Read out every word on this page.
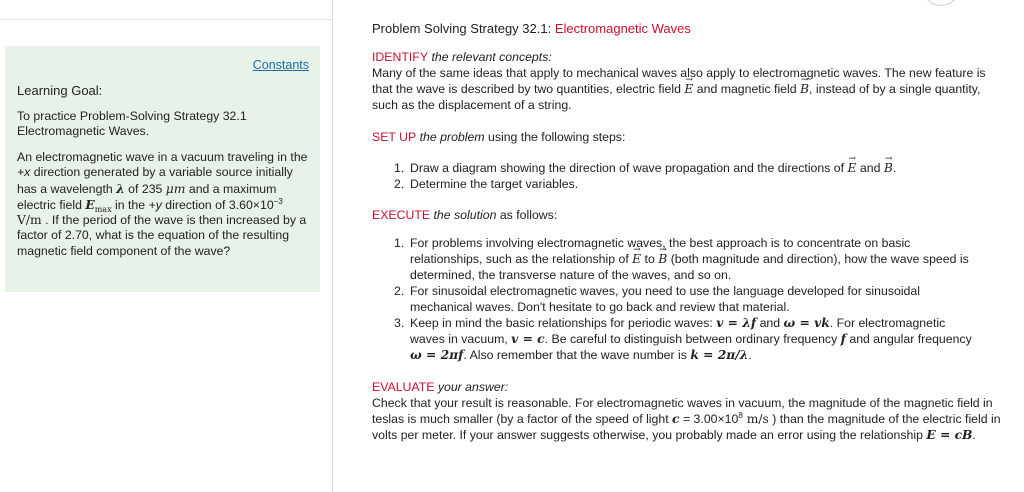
Constants
Learning Goal:
To practice Problem-Solving Strategy 32.1 Electromagnetic Waves.
An electromagnetic wave in a vacuum traveling in the +x direction generated by a variable source initially has a wavelength λ of 235 μm and a maximum electric field $E_{max}$ in the +y direction of $3.60\times 10^{-3}$ V/m . If the period of the wave is then increased by a factor of 2.70, what is the equation of the resulting magnetic field component of the wave?
Problem Solving Strategy 32.1: Electromagnetic Waves
IDENTIFY the relevant concepts:
Many of the same ideas that apply to mechanical waves also apply to electromagnetic waves. The new feature is that the wave is described by two quantities, electric field → E and magnetic field → B, instead of by a single quantity, such as the displacement of a string.
SET UP the problem using the following steps:
1. Draw a diagram showing the direction of wave propagation and the directions of → E and → B.
2. Determine the target variables.
EXECUTE the solution as follows:
1. For problems involving electromagnetic waves, the best approach is to concentrate on basic relationships, such as the relationship of → E to → B (both magnitude and direction), how the wave speed is determined, the transverse nature of the waves, and so on.
2. For sinusoidal electromagnetic waves, you need to use the language developed for sinusoidal mechanical waves. Don't hesitate to go back and review that material.
3. Keep in mind the basic relationships for periodic waves: v = λf and ω = vk. For electromagnetic waves in vacuum, v = c. Be careful to distinguish between ordinary frequency f and angular frequency ω = 2πf. Also remember that the wave number is k = 2π/λ.
EVALUATE your answer:
Check that your result is reasonable. For electromagnetic waves in vacuum, the magnitude of the magnetic field in teslas is much smaller (by a factor of the speed of light $c = 3.00\times 10^8$ m/s ) than the magnitude of the electric field in volts per meter. If your answer suggests otherwise, you probably made an error using the relationship E = cB.
